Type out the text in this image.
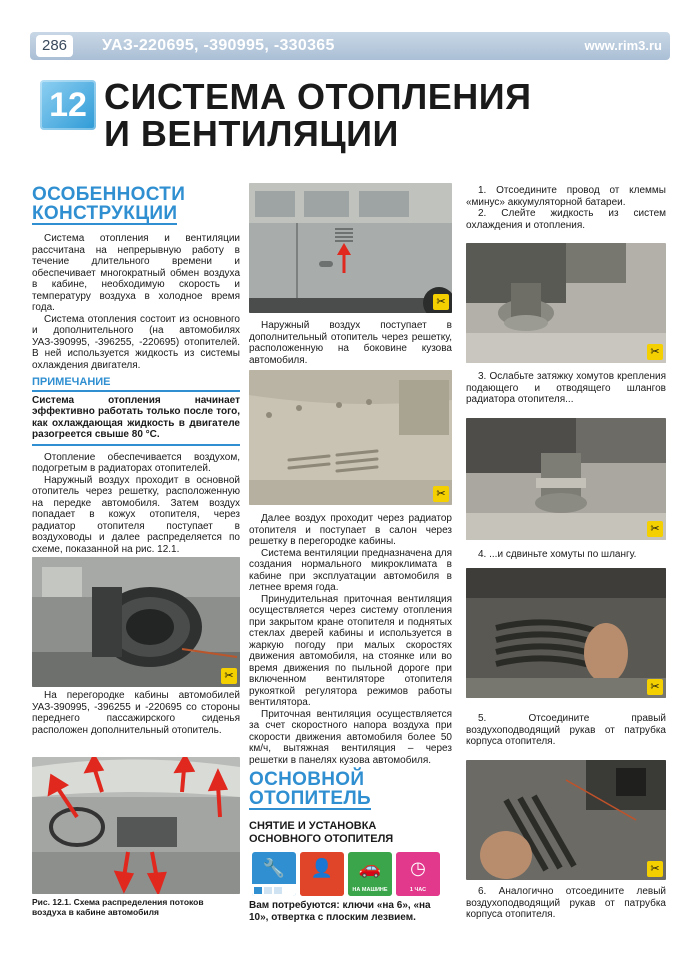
286	УАЗ-220695, -390995, -330365	www.rim3.ru
12 СИСТЕМА ОТОПЛЕНИЯ
И ВЕНТИЛЯЦИИ
ОСОБЕННОСТИ
КОНСТРУКЦИИ

Система отопления и вентиляции рассчитана на непрерывную работу в течение длительного времени и обеспечивает многократный обмен воздуха в кабине, необходимую скорость и температуру воздуха в холодное время года.

Система отопления состоит из основного и дополнительного (на автомобилях УАЗ-390995, -396255, -220695) отопителей. В ней используется жидкость из системы охлаждения двигателя.

ПРИМЕЧАНИЕ
Система отопления начинает эффективно работать только после того, как охлаждающая жидкость в двигателе разогреется свыше 80 °С.

Отопление обеспечивается воздухом, подогретым в радиаторах отопителей.

Наружный воздух проходит в основной отопитель через решетку, расположенную на передке автомобиля. Затем воздух попадает в кожух отопителя, через радиатор отопителя поступает в воздуховоды и далее распределяется по схеме, показанной на рис. 12.1.

✂

На перегородке кабины автомобилей УАЗ-390995, -396255 и -220695 со стороны переднего пассажирского сиденья расположен дополнительный отопитель.

Рис. 12.1. Схема распределения потоков воздуха в кабине автомобиля
✂

Наружный воздух поступает в дополнительный отопитель через решетку, расположенную на боковине кузова автомобиля.

✂

Далее воздух проходит через радиатор отопителя и поступает в салон через решетку в перегородке кабины.

Система вентиляции предназначена для создания нормального микроклимата в кабине при эксплуатации автомобиля в летнее время года.

Принудительная приточная вентиляция осуществляется через систему отопления при закрытом кране отопителя и поднятых стеклах дверей кабины и используется в жаркую погоду при малых скоростях движения автомобиля, на стоянке или во время движения по пыльной дороге при включенном вентиляторе отопителя рукояткой регулятора режимов работы вентилятора.

Приточная вентиляция осуществляется за счет скоростного напора воздуха при скорости движения автомобиля более 50 км/ч, вытяжная вентиляция – через решетки в панелях кузова автомобиля.

ОСНОВНОЙ
ОТОПИТЕЛЬ
СНЯТИЕ И УСТАНОВКА
ОСНОВНОГО ОТОПИТЕЛЯ
🔧	👤	🚗
НА МАШИНЕ
◷
1 ЧАС
Вам потребуются: ключи «на 6», «на 10», отвертка с плоским лезвием.

1. Отсоедините провод от клеммы «минус» аккумуляторной батареи.

2. Слейте жидкость из систем охлаждения и отопления.

✂

3. Ослабьте затяжку хомутов крепления подающего и отводящего шлангов радиатора отопителя...

✂

4. ...и сдвиньте хомуты по шлангу.

✂

5. Отсоедините правый воздухоподводящий рукав от патрубка корпуса отопителя.

✂

6. Аналогично отсоедините левый воздухоподводящий рукав от патрубка корпуса отопителя.
